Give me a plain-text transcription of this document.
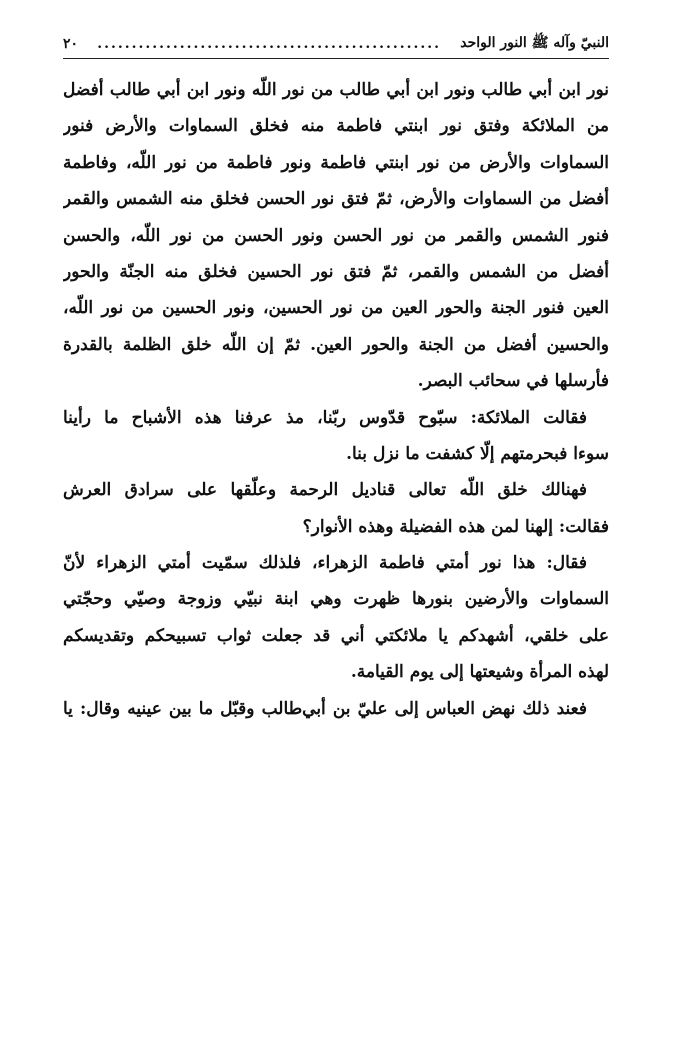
النبيّ وآله ﷺ النور الواحد
..................................................
٢٠
نور ابن أبي طالب ونور ابن أبي طالب من نور اللّه ونور ابن أبي طالب أفضل
من الملائكة وفتق نور ابنتي فاطمة منه فخلق السماوات والأرض فنور
السماوات والأرض من نور ابنتي فاطمة ونور فاطمة من نور اللّه، وفاطمة
أفضل من السماوات والأرض، ثمّ فتق نور الحسن فخلق منه الشمس والقمر
فنور الشمس والقمر من نور الحسن ونور الحسن من نور اللّه، والحسن
أفضل من الشمس والقمر، ثمّ فتق نور الحسين فخلق منه الجنّة والحور
العين فنور الجنة والحور العين من نور الحسين، ونور الحسين من نور اللّه،
والحسين أفضل من الجنة والحور العين. ثمّ إن اللّه خلق الظلمة بالقدرة
فأرسلها في سحائب البصر.
فقالت الملائكة: سبّوح قدّوس ربّنا، مذ عرفنا هذه الأشباح ما رأينا
سوءا فبحرمتهم إلّا كشفت ما نزل بنا.
فهنالك خلق اللّه تعالى قناديل الرحمة وعلّقها على سرادق العرش
فقالت: إلهنا لمن هذه الفضيلة وهذه الأنوار؟
فقال: هذا نور أمتي فاطمة الزهراء، فلذلك سمّيت أمتي الزهراء لأنّ
السماوات والأرضين بنورها ظهرت وهي ابنة نبيّي وزوجة وصيّي وحجّتي
على خلقي، أشهدكم يا ملائكتي أني قد جعلت ثواب تسبيحكم وتقديسكم
لهذه المرأة وشيعتها إلى يوم القيامة.
فعند ذلك نهض العباس إلى عليّ بن أبي‌طالب وقبّل ما بين عينيه وقال: يا
